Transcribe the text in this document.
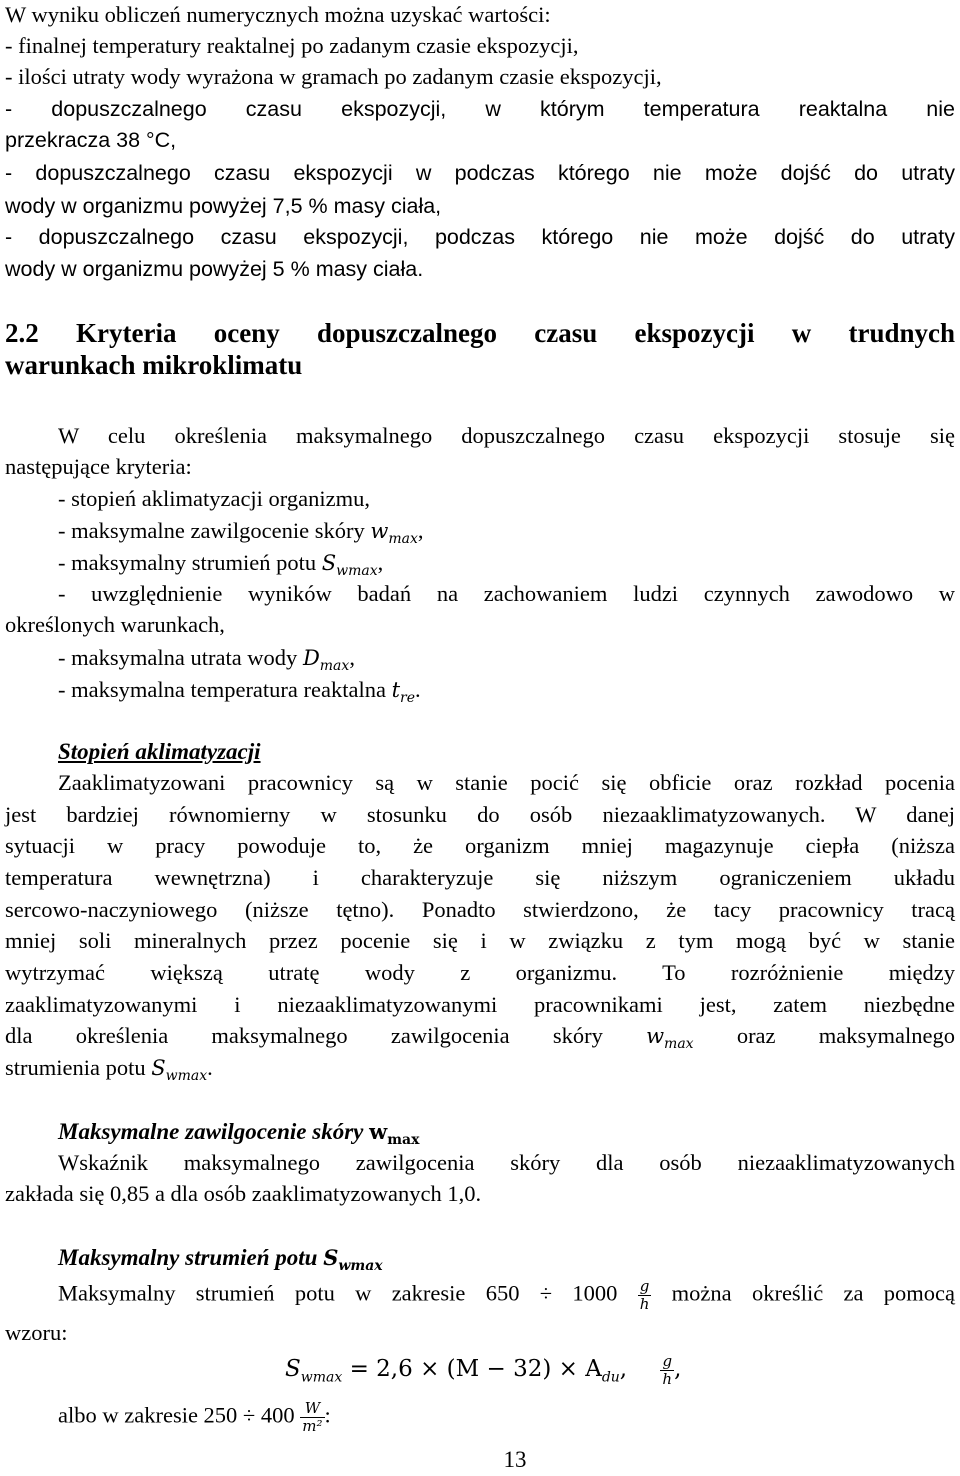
W wyniku obliczeń numerycznych można uzyskać wartości:
- finalnej temperatury reaktalnej po zadanym czasie ekspozycji,
- ilości utraty wody wyrażona w gramach po zadanym czasie ekspozycji,
- dopuszczalnego czasu ekspozycji, w którym temperatura reaktalna nie
przekracza 38 °C,
- dopuszczalnego czasu ekspozycji w podczas którego nie może dojść do utraty
wody w organizmu powyżej 7,5 % masy ciała,
- dopuszczalnego czasu ekspozycji, podczas którego nie może dojść do utraty
wody w organizmu powyżej 5 % masy ciała.
2.2 Kryteria oceny dopuszczalnego czasu ekspozycji w trudnych
warunkach mikroklimatu
W celu określenia maksymalnego dopuszczalnego czasu ekspozycji stosuje się
następujące kryteria:
- stopień aklimatyzacji organizmu,
- maksymalne zawilgocenie skóry $w_{max}$,
- maksymalny strumień potu $S_{wmax}$,
- uwzględnienie wyników badań na zachowaniem ludzi czynnych zawodowo w
określonych warunkach,
- maksymalna utrata wody $D_{max}$,
- maksymalna temperatura reaktalna $t_{re}$.
Stopień aklimatyzacji
Zaaklimatyzowani pracownicy są w stanie pocić się obficie oraz rozkład pocenia
jest bardziej równomierny w stosunku do osób niezaaklimatyzowanych. W danej
sytuacji w pracy powoduje to, że organizm mniej magazynuje ciepła (niższa
temperatura wewnętrzna) i charakteryzuje się niższym ograniczeniem układu
sercowo-naczyniowego (niższe tętno). Ponadto stwierdzono, że tacy pracownicy tracą
mniej soli mineralnych przez pocenie się i w związku z tym mogą być w stanie
wytrzymać większą utratę wody z organizmu. To rozróżnienie między
zaaklimatyzowanymi i niezaaklimatyzowanymi pracownikami jest, zatem niezbędne
dla określenia maksymalnego zawilgocenia skóry $w_{max}$ oraz maksymalnego
strumienia potu $S_{wmax}$.
Maksymalne zawilgocenie skóry $w_{max}$
Wskaźnik maksymalnego zawilgocenia skóry dla osób niezaaklimatyzowanych
zakłada się 0,85 a dla osób zaaklimatyzowanych 1,0.
Maksymalny strumień potu $S_{wmax}$
Maksymalny strumień potu w zakresie $650 \div 1000 \frac{g}{h}$ można określić za pomocą
wzoru:
$S_{wmax} = 2,6 \times (M - 32) \times A_{du}$, $\frac{g}{h}$ ,
albo w zakresie $250 \div 400 \frac{W}{\text{m²}}$ :
13
